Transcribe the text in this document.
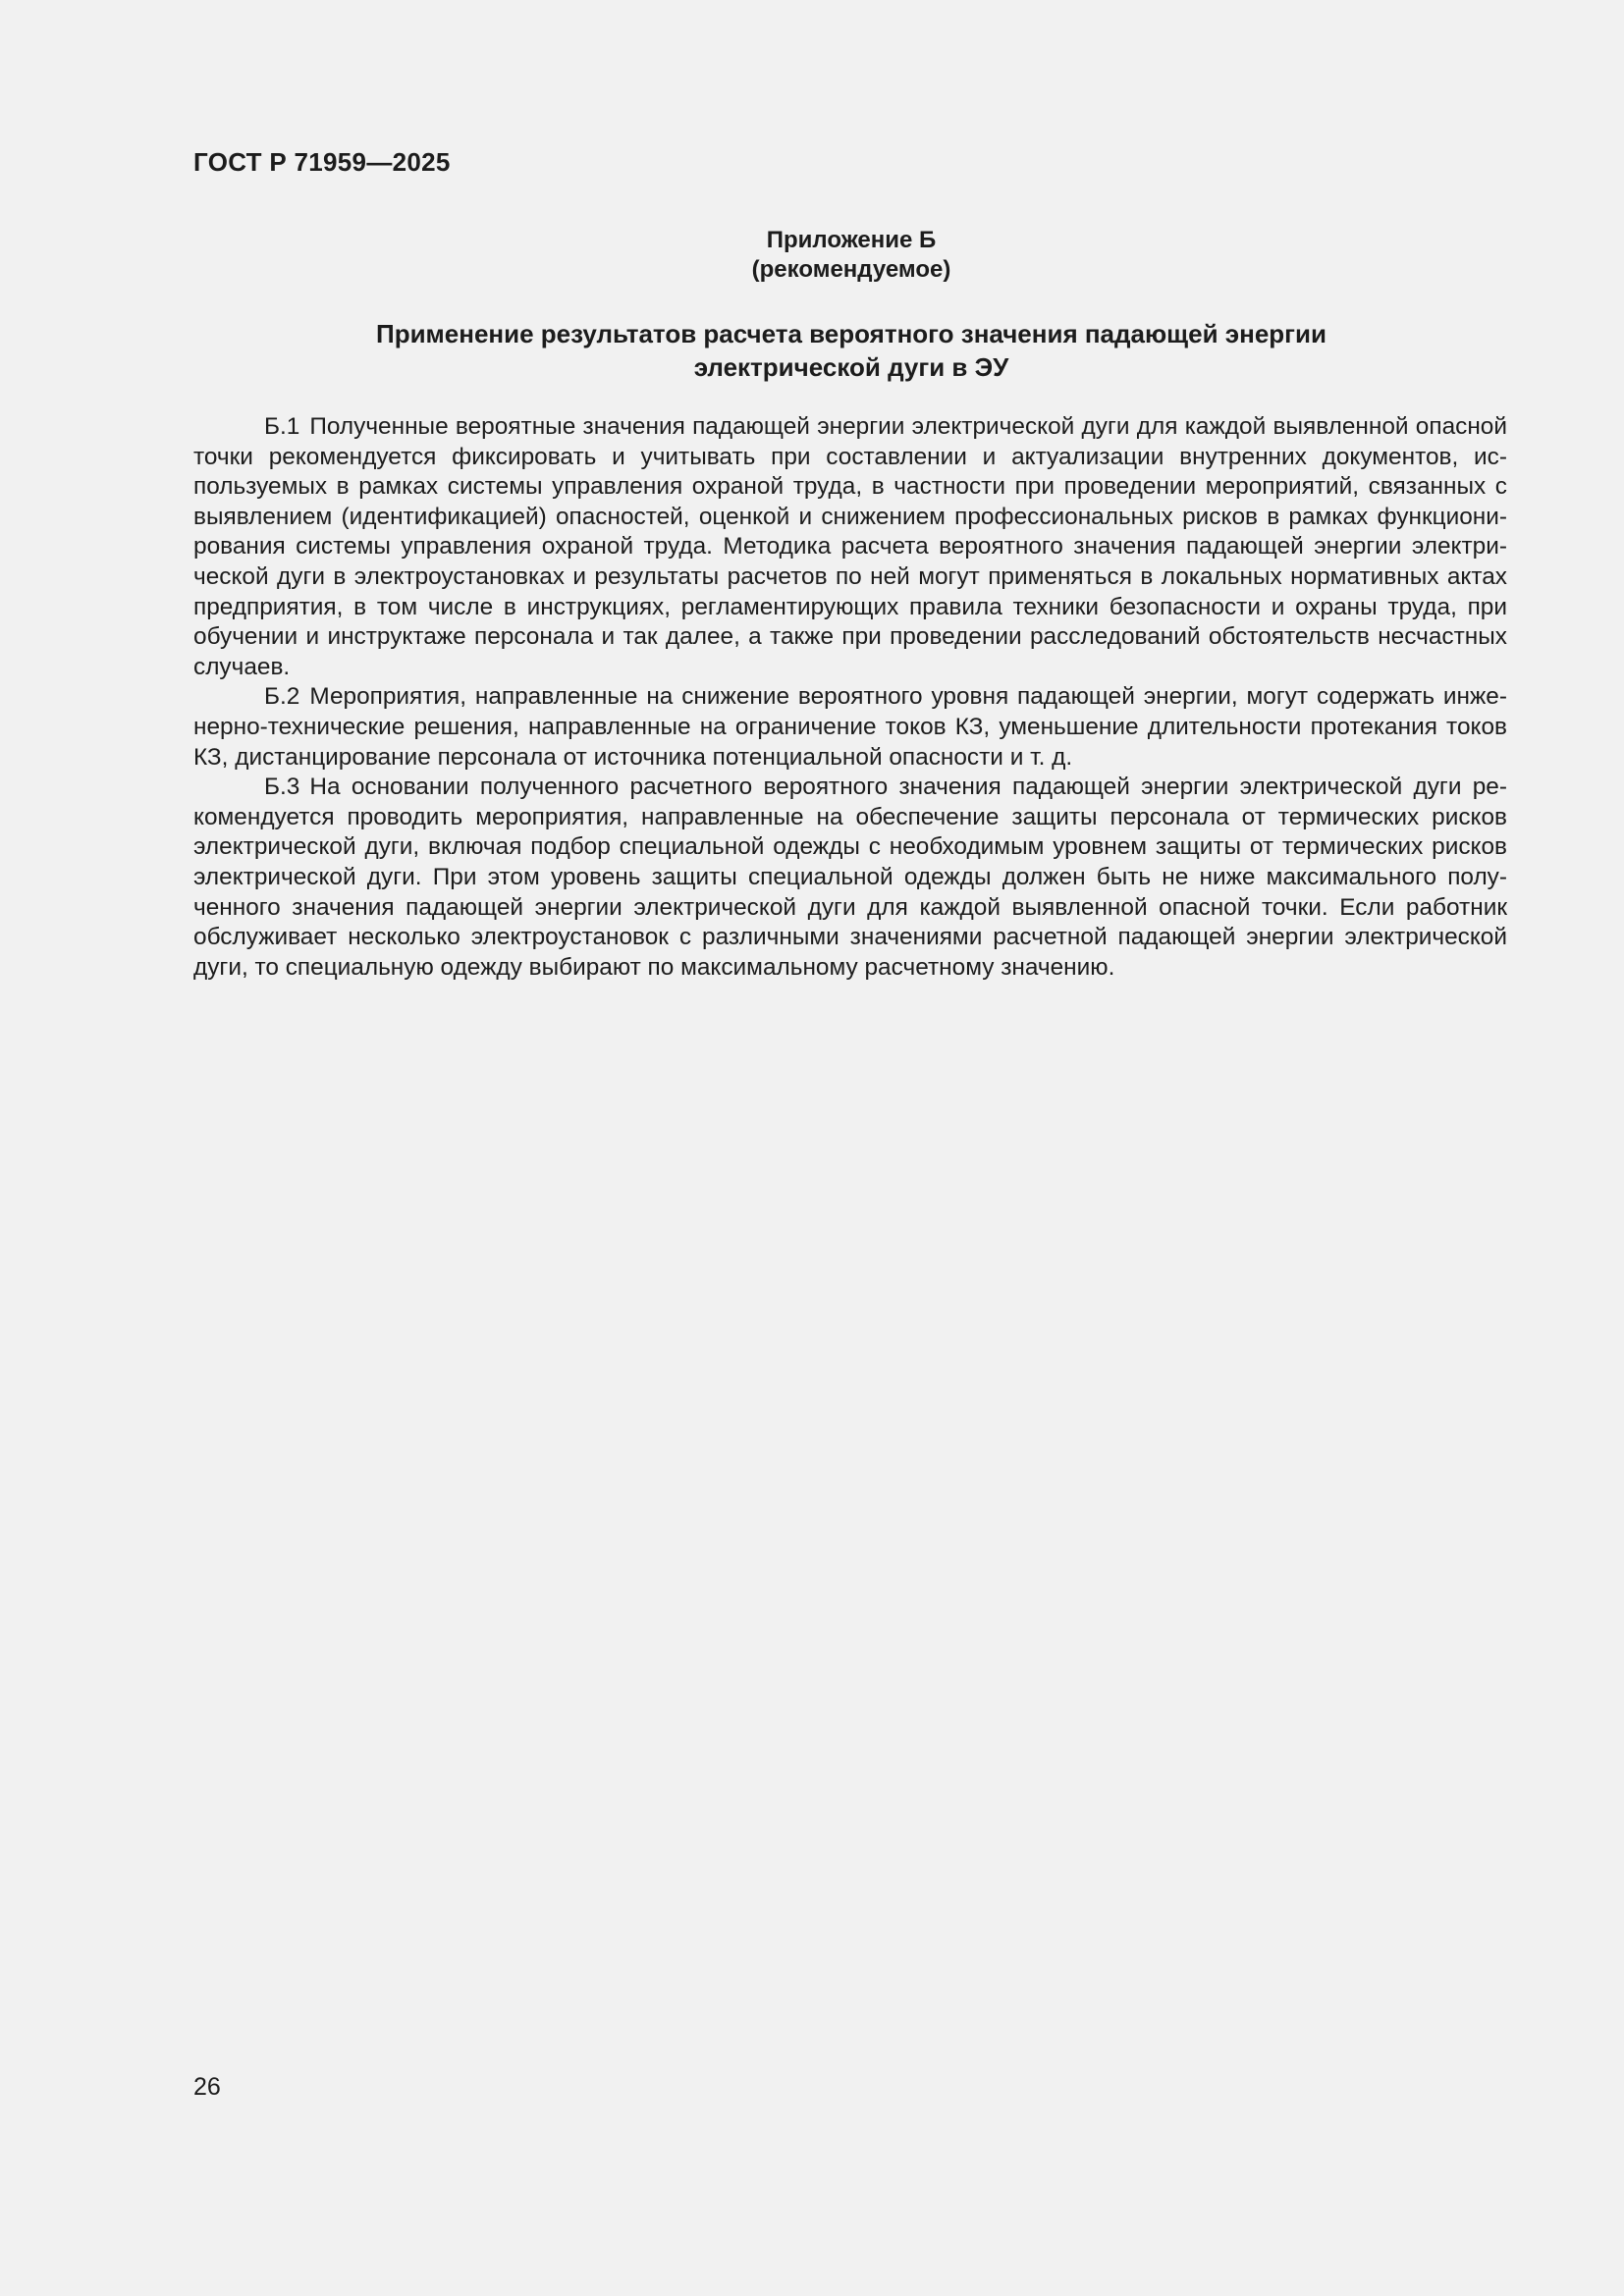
ГОСТ Р 71959—2025
Приложение Б
(рекомендуемое)
Применение результатов расчета вероятного значения падающей энергии
электрической дуги в ЭУ

Б.1 Полученные вероятные значения падающей энергии электрической дуги для каждой выявленной опасной точки рекомендуется фиксировать и учитывать при составлении и актуализации внутренних документов, используемых в рамках системы управления охраной труда, в частности при проведении мероприятий, связанных с выявлением (идентификацией) опасностей, оценкой и снижением профессиональных рисков в рамках функционирования системы управления охраной труда. Методика расчета вероятного значения падающей энергии электрической дуги в электроустановках и результаты расчетов по ней могут применяться в локальных нормативных актах предприятия, в том числе в инструкциях, регламентирующих правила техники безопасности и охраны труда, при обучении и инструктаже персонала и так далее, а также при проведении расследований обстоятельств несчастных случаев.

Б.2 Мероприятия, направленные на снижение вероятного уровня падающей энергии, могут содержать инженерно-технические решения, направленные на ограничение токов КЗ, уменьшение длительности протекания токов КЗ, дистанцирование персонала от источника потенциальной опасности и т. д.

Б.3 На основании полученного расчетного вероятного значения падающей энергии электрической дуги рекомендуется проводить мероприятия, направленные на обеспечение защиты персонала от термических рисков электрической дуги, включая подбор специальной одежды с необходимым уровнем защиты от термических рисков электрической дуги. При этом уровень защиты специальной одежды должен быть не ниже максимального полученного значения падающей энергии электрической дуги для каждой выявленной опасной точки. Если работник обслуживает несколько электроустановок с различными значениями расчетной падающей энергии электрической дуги, то специальную одежду выбирают по максимальному расчетному значению.

26
